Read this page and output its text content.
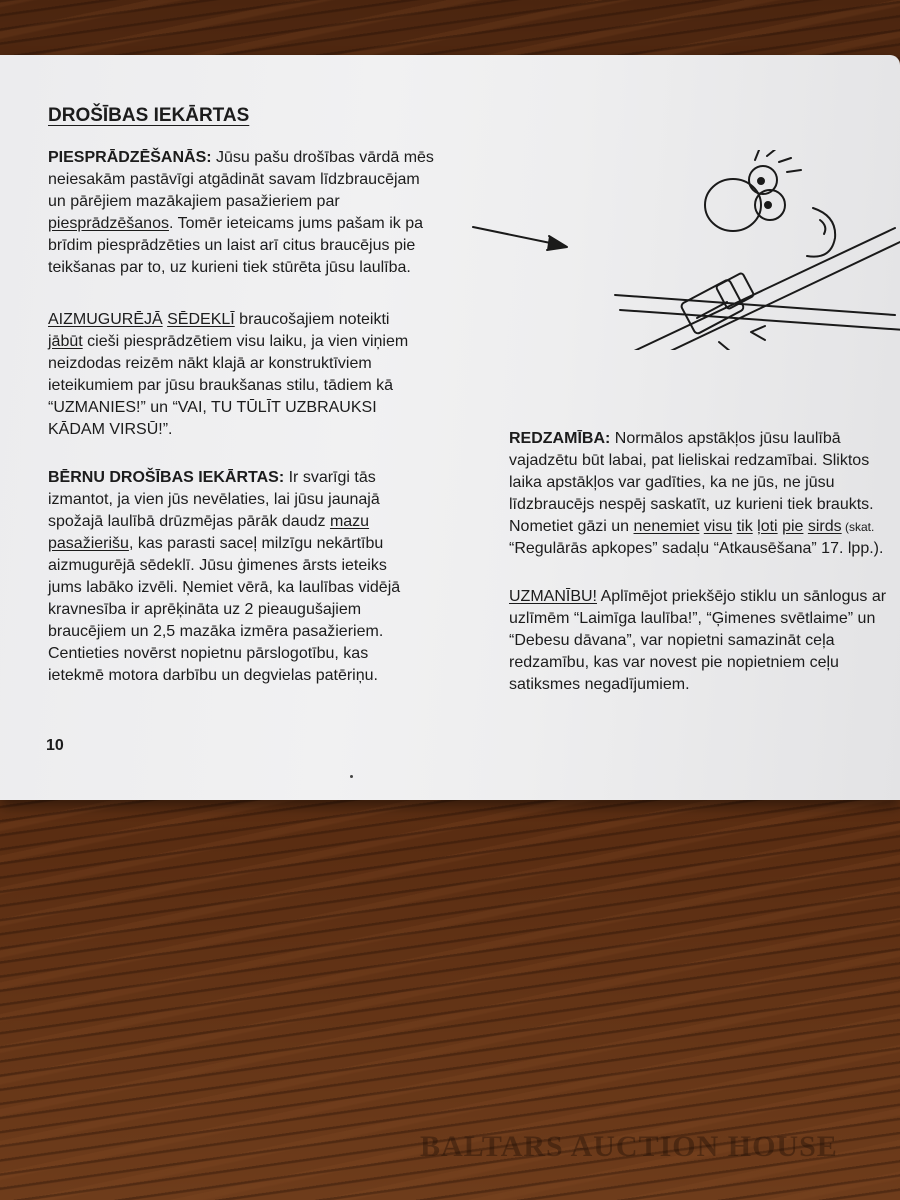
DROŠĪBAS IEKĀRTAS

PIESPRĀDZĒŠANĀS: Jūsu pašu drošības vārdā mēs
neiesakām pastāvīgi atgādināt savam līdzbraucējam
un pārējiem mazākajiem pasažieriem par
piesprādzēšanos. Tomēr ieteicams jums pašam ik pa
brīdim piesprādzēties un laist arī citus braucējus pie
teikšanas par to, uz kurieni tiek stūrēta jūsu laulība.

AIZMUGURĒJĀ SĒDEKLĪ braucošajiem noteikti
jābūt cieši piesprādzētiem visu laiku, ja vien viņiem
neizdodas reizēm nākt klajā ar konstruktīviem
ieteikumiem par jūsu braukšanas stilu, tādiem kā
“UZMANIES!” un “VAI, TU TŪLĪT UZBRAUKSI
KĀDAM VIRSŪ!”.

BĒRNU DROŠĪBAS IEKĀRTAS: Ir svarīgi tās
izmantot, ja vien jūs nevēlaties, lai jūsu jaunajā
spožajā laulībā drūzmējas pārāk daudz mazu
pasažierišu, kas parasti saceļ milzīgu nekārtību
aizmugurējā sēdeklī. Jūsu ģimenes ārsts ieteiks
jums labāko izvēli. Ņemiet vērā, ka laulības vidējā
kravnesība ir aprēķināta uz 2 pieaugušajiem
braucējiem un 2,5 mazāka izmēra pasažieriem.
Centieties novērst nopietnu pārslogotību, kas
ietekmē motora darbību un degvielas patēriņu.

REDZAMĪBA: Normālos apstākļos jūsu laulībā
vajadzētu būt labai, pat lieliskai redzamībai. Sliktos
laika apstākļos var gadīties, ka ne jūs, ne jūsu
līdzbraucējs nespēj saskatīt, uz kurieni tiek braukts.
Nometiet gāzi un nenemiet visu tik ļoti pie sirds (skat.
“Regulārās apkopes” sadaļu “Atkausēšana” 17. lpp.).

UZMANĪBU! Aplīmējot priekšējo stiklu un sānlogus ar
uzlīmēm “Laimīga laulība!”, “Ģimenes svētlaime” un
“Debesu dāvana”, var nopietni samazināt ceļa
redzamību, kas var novest pie nopietniem ceļu
satiksmes negadījumiem.

10
BALTARS AUCTION HOUSE
